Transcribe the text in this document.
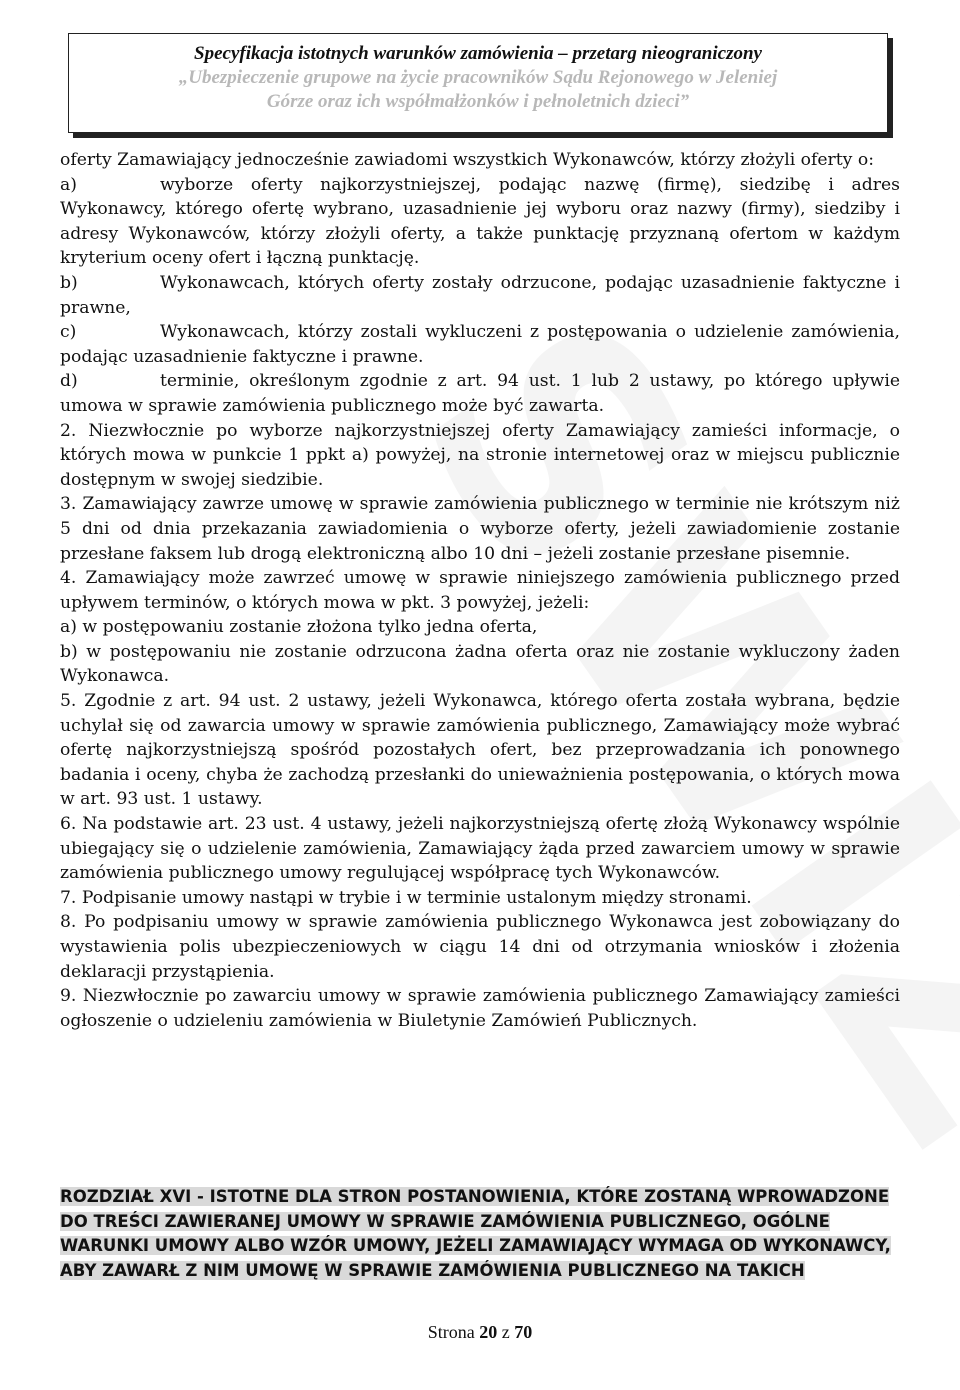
Specyfikacja istotnych warunków zamówienia – przetarg nieograniczony
„Ubezpieczenie grupowe na życie pracowników Sądu Rejonowego w Jeleniej
Górze oraz ich współmałżonków i pełnoletnich dzieci”

oferty Zamawiający jednocześnie zawiadomi wszystkich Wykonawców, którzy złożyli oferty o:

a)	wyborze oferty najkorzystniejszej, podając nazwę (firmę), siedzibę i adres Wykonawcy, którego ofertę wybrano, uzasadnienie jej wyboru oraz nazwy (firmy), siedziby i adresy Wykonawców, którzy złożyli oferty, a także punktację przyznaną ofertom w każdym kryterium oceny ofert i łączną punktację.

b)	Wykonawcach, których oferty zostały odrzucone, podając uzasadnienie faktyczne i prawne,

c)	Wykonawcach, którzy zostali wykluczeni z postępowania o udzielenie zamówienia, podając uzasadnienie faktyczne i prawne.

d)	terminie, określonym zgodnie z art. 94 ust. 1 lub 2 ustawy, po którego upływie umowa w sprawie zamówienia publicznego może być zawarta.

2. Niezwłocznie po wyborze najkorzystniejszej oferty Zamawiający zamieści informacje, o których mowa w punkcie 1 ppkt a) powyżej, na stronie internetowej oraz w miejscu publicznie dostępnym w swojej siedzibie.

3. Zamawiający zawrze umowę w sprawie zamówienia publicznego w terminie nie krótszym niż 5 dni od dnia przekazania zawiadomienia o wyborze oferty, jeżeli zawiadomienie zostanie przesłane faksem lub drogą elektroniczną albo 10 dni – jeżeli zostanie przesłane pisemnie.

4. Zamawiający może zawrzeć umowę w sprawie niniejszego zamówienia publicznego przed upływem terminów, o których mowa w pkt. 3 powyżej, jeżeli:

a) w postępowaniu zostanie złożona tylko jedna oferta,

b) w postępowaniu nie zostanie odrzucona żadna oferta oraz nie zostanie wykluczony żaden Wykonawca.

5. Zgodnie z art. 94 ust. 2 ustawy, jeżeli Wykonawca, którego oferta została wybrana, będzie uchylał się od zawarcia umowy w sprawie zamówienia publicznego, Zamawiający może wybrać ofertę najkorzystniejszą spośród pozostałych ofert, bez przeprowadzania ich ponownego badania i oceny, chyba że zachodzą przesłanki do unieważnienia postępowania, o których mowa w art. 93 ust. 1 ustawy.

6. Na podstawie art. 23 ust. 4 ustawy, jeżeli najkorzystniejszą ofertę złożą Wykonawcy wspólnie ubiegający się o udzielenie zamówienia, Zamawiający żąda przed zawarciem umowy w sprawie zamówienia publicznego umowy regulującej współpracę tych Wykonawców.

7. Podpisanie umowy nastąpi w trybie i w terminie ustalonym między stronami.

8. Po podpisaniu umowy w sprawie zamówienia publicznego Wykonawca jest zobowiązany do wystawienia polis ubezpieczeniowych w ciągu 14 dni od otrzymania wniosków i złożenia deklaracji przystąpienia.

9. Niezwłocznie po zawarciu umowy w sprawie zamówienia publicznego Zamawiający zamieści ogłoszenie o udzieleniu zamówienia w Biuletynie Zamówień Publicznych.

ROZDZIAŁ XVI - ISTOTNE DLA STRON POSTANOWIENIA, KTÓRE ZOSTANĄ WPROWADZONE DO TREŚCI ZAWIERANEJ UMOWY W SPRAWIE ZAMÓWIENIA PUBLICZNEGO, OGÓLNE WARUNKI UMOWY ALBO WZÓR UMOWY, JEŻELI ZAMAWIAJĄCY WYMAGA OD WYKONAWCY, ABY ZAWARŁ Z NIM UMOWĘ W SPRAWIE ZAMÓWIENIA PUBLICZNEGO NA TAKICH
Strona 20 z 70
